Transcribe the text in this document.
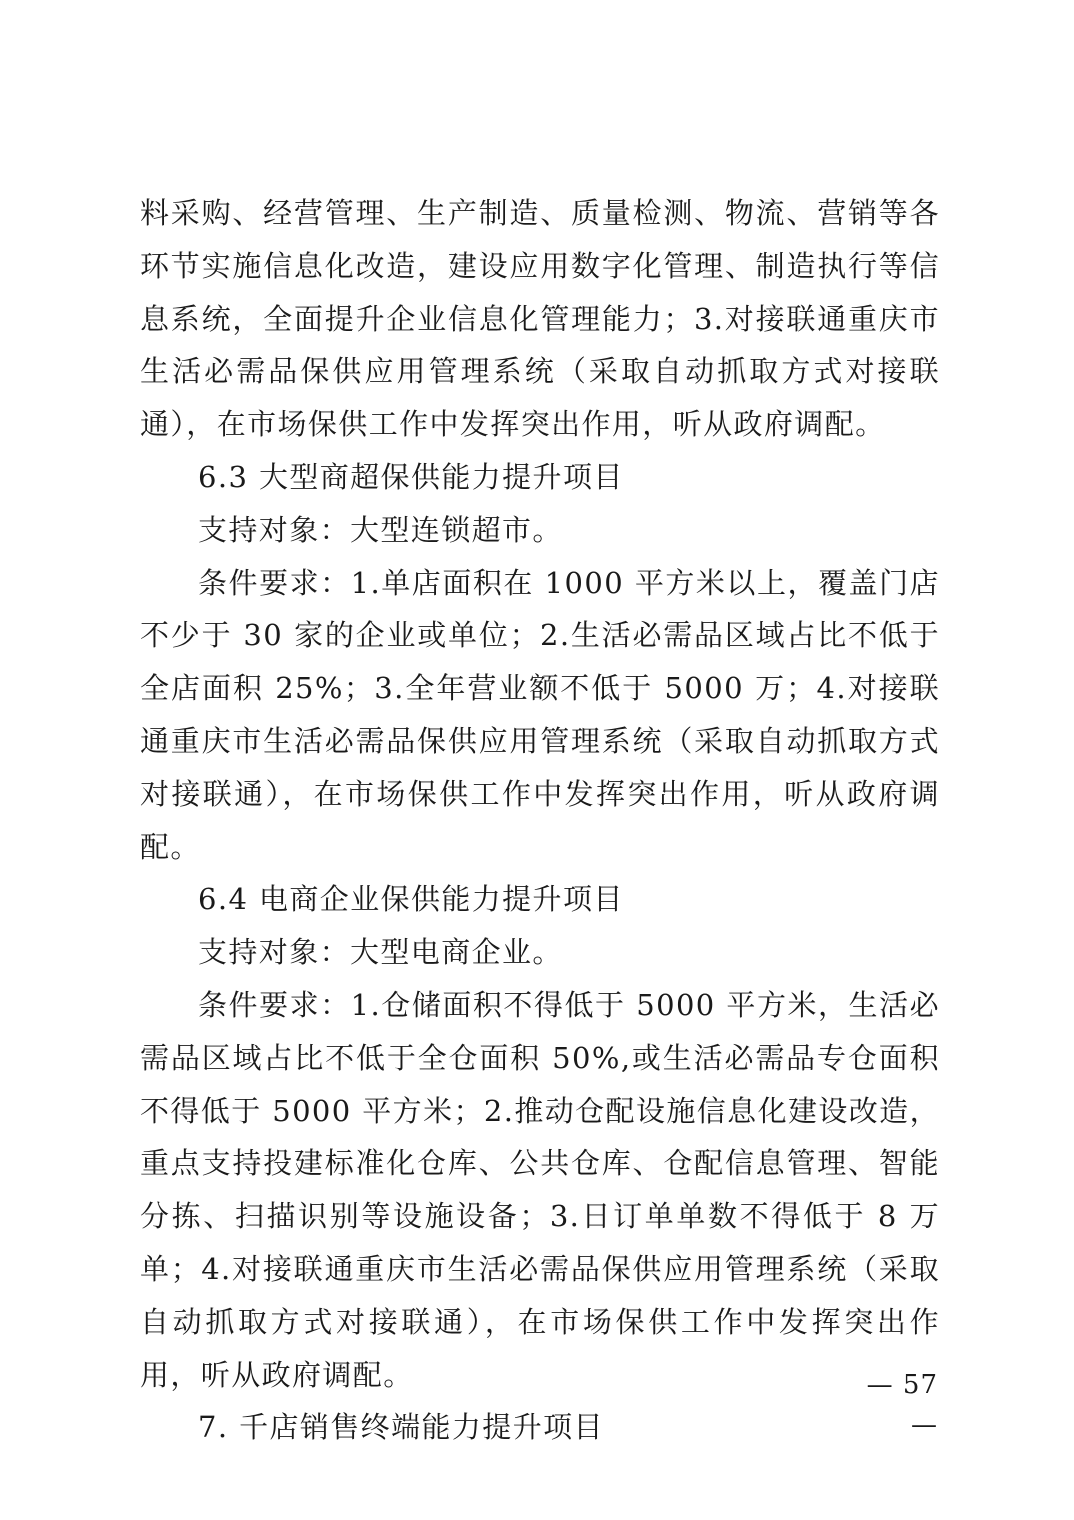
料采购、经营管理、生产制造、质量检测、物流、营销等各环节实施信息化改造，建设应用数字化管理、制造执行等信息系统，全面提升企业信息化管理能力；3.对接联通重庆市生活必需品保供应用管理系统（采取自动抓取方式对接联通），在市场保供工作中发挥突出作用，听从政府调配。

6.3 大型商超保供能力提升项目

支持对象：大型连锁超市。

条件要求：1.单店面积在 1000 平方米以上，覆盖门店不少于 30 家的企业或单位；2.生活必需品区域占比不低于全店面积 25%；3.全年营业额不低于 5000 万；4.对接联通重庆市生活必需品保供应用管理系统（采取自动抓取方式对接联通），在市场保供工作中发挥突出作用，听从政府调配。

6.4 电商企业保供能力提升项目

支持对象：大型电商企业。

条件要求：1.仓储面积不得低于 5000 平方米，生活必需品区域占比不低于全仓面积 50%,或生活必需品专仓面积不得低于 5000 平方米；2.推动仓配设施信息化建设改造，重点支持投建标准化仓库、公共仓库、仓配信息管理、智能分拣、扫描识别等设施设备；3.日订单单数不得低于 8 万单；4.对接联通重庆市生活必需品保供应用管理系统（采取自动抓取方式对接联通），在市场保供工作中发挥突出作用，听从政府调配。

7. 千店销售终端能力提升项目

— 57 —
